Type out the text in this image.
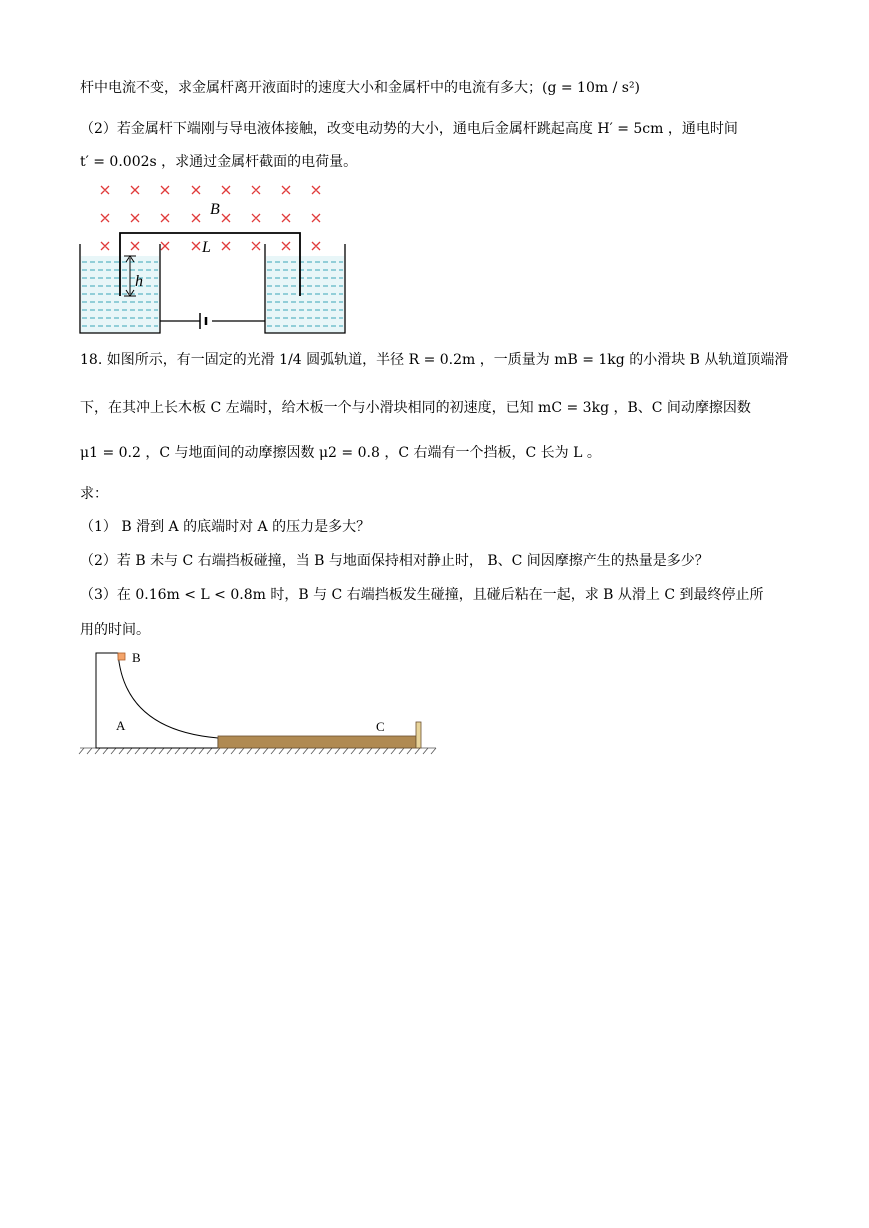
杆中电流不变，求金属杆离开液面时的速度大小和金属杆中的电流有多大；(g = 10m / s²)
（2）若金属杆下端刚与导电液体接触，改变电动势的大小，通电后金属杆跳起高度 H′ = 5cm ，通电时间
t′ = 0.002s ，求通过金属杆截面的电荷量。
B
L
h
18. 如图所示，有一固定的光滑 1/4 圆弧轨道，半径 R = 0.2m ，一质量为 mB = 1kg 的小滑块 B 从轨道顶端滑
下，在其冲上长木板 C 左端时，给木板一个与小滑块相同的初速度，已知 mC = 3kg ，B、C 间动摩擦因数
μ1 = 0.2 ，C 与地面间的动摩擦因数 μ2 = 0.8 ，C 右端有一个挡板，C 长为 L 。
求：
（1） B 滑到 A 的底端时对 A 的压力是多大？
（2）若 B 未与 C 右端挡板碰撞，当 B 与地面保持相对静止时， B、C 间因摩擦产生的热量是多少？
（3）在 0.16m < L < 0.8m 时，B 与 C 右端挡板发生碰撞，且碰后粘在一起，求 B 从滑上 C 到最终停止所
用的时间。
B
A	C
